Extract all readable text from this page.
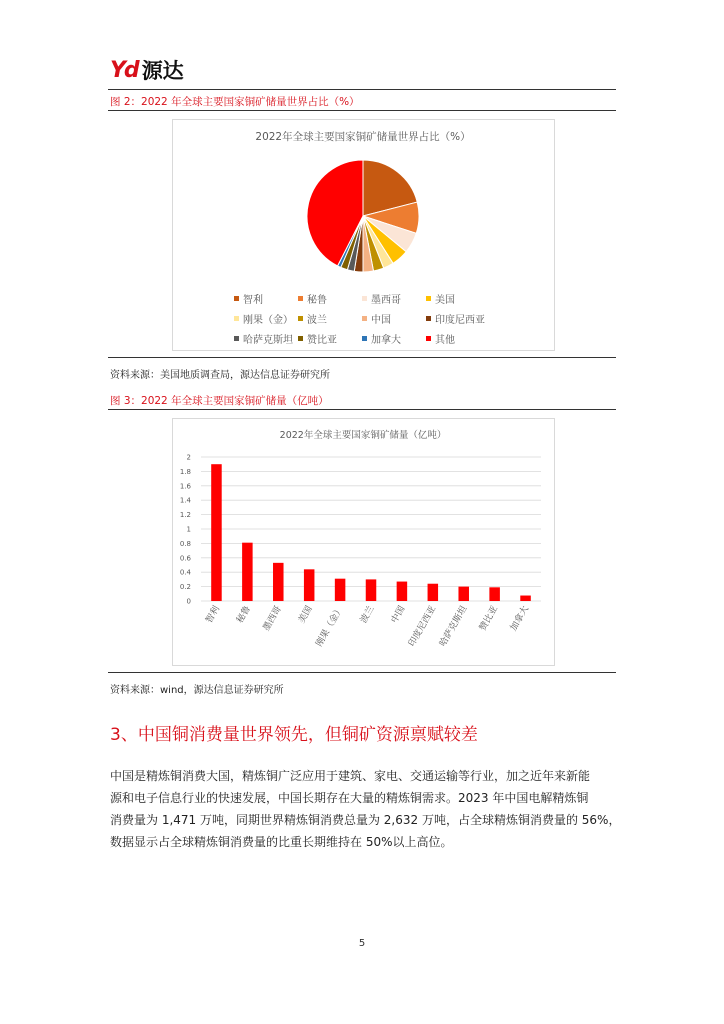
Yd 源达
图 2：2022 年全球主要国家铜矿储量世界占比（%）
2022年全球主要国家铜矿储量世界占比（%）
智利	秘鲁	墨西哥	美国
刚果（金） 波兰	中国	印度尼西亚
哈萨克斯坦 赞比亚	加拿大	其他
资料来源：美国地质调查局，源达信息证券研究所
图 3：2022 年全球主要国家铜矿储量（亿吨）
2022年全球主要国家铜矿储量（亿吨）
0
0.2
0.4
0.6
0.8
1
1.2
1.4
1.6
1.8
2
智利 秘鲁 墨西哥 美国 刚果（金） 波兰 中国 印度尼西亚 哈萨克斯坦 赞比亚 加拿大
资料来源：wind，源达信息证券研究所
3、中国铜消费量世界领先，但铜矿资源禀赋较差
中国是精炼铜消费大国，精炼铜广泛应用于建筑、家电、交通运输等行业，加之近年来新能
源和电子信息行业的快速发展，中国长期存在大量的精炼铜需求。2023 年中国电解精炼铜
消费量为 1,471 万吨，同期世界精炼铜消费总量为 2,632 万吨，占全球精炼铜消费量的 56%，
数据显示占全球精炼铜消费量的比重长期维持在 50%以上高位。
5
